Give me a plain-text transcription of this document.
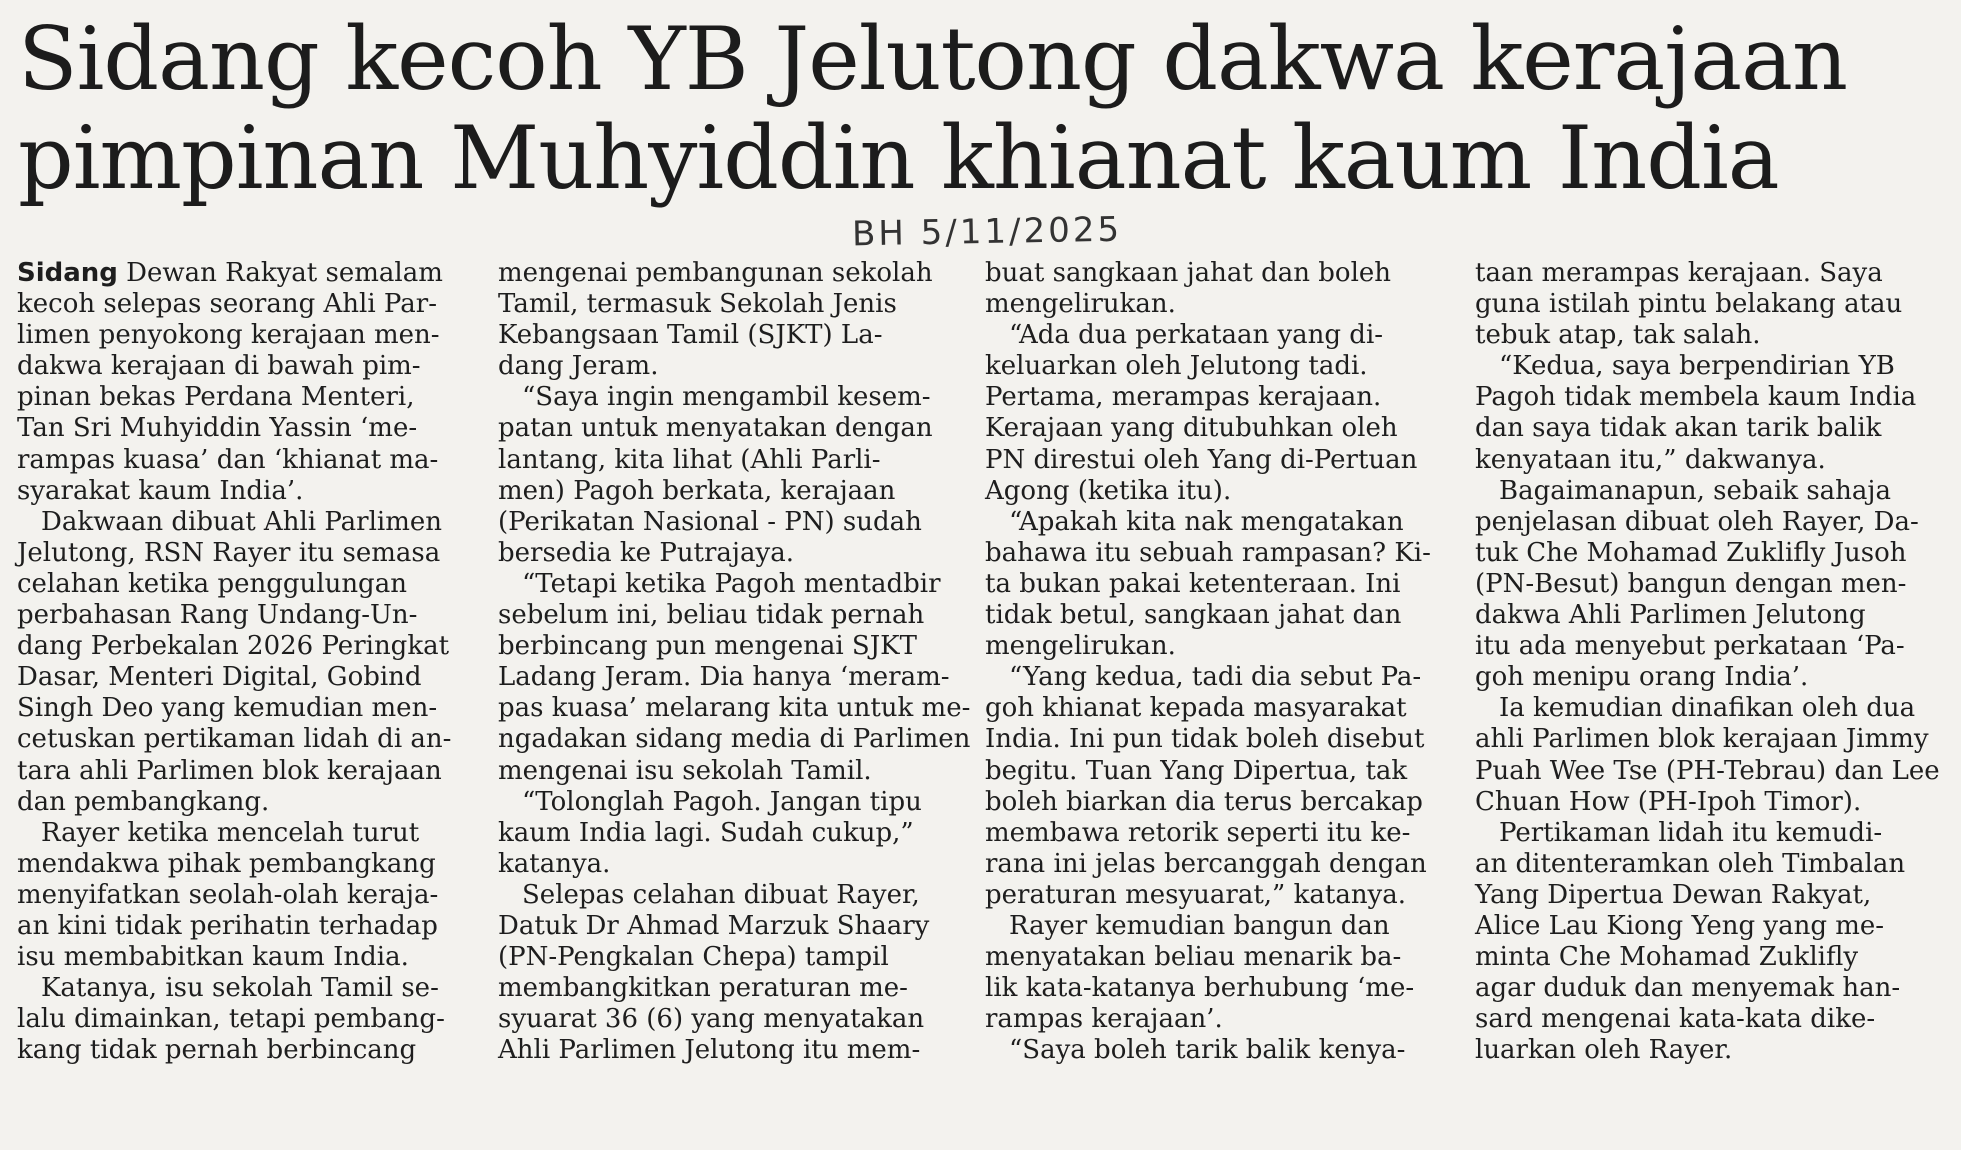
Sidang kecoh YB Jelutong dakwa kerajaan
pimpinan Muhyiddin khianat kaum India
BH 5/11/2025
Sidang Dewan Rakyat semalam
kecoh selepas seorang Ahli Par-
limen penyokong kerajaan men-
dakwa kerajaan di bawah pim-
pinan bekas Perdana Menteri,
Tan Sri Muhyiddin Yassin ‘me-
rampas kuasa’ dan ‘khianat ma-
syarakat kaum India’.
Dakwaan dibuat Ahli Parlimen
Jelutong, RSN Rayer itu semasa
celahan ketika penggulungan
perbahasan Rang Undang-Un-
dang Perbekalan 2026 Peringkat
Dasar, Menteri Digital, Gobind
Singh Deo yang kemudian men-
cetuskan pertikaman lidah di an-
tara ahli Parlimen blok kerajaan
dan pembangkang.
Rayer ketika mencelah turut
mendakwa pihak pembangkang
menyifatkan seolah-olah keraja-
an kini tidak perihatin terhadap
isu membabitkan kaum India.
Katanya, isu sekolah Tamil se-
lalu dimainkan, tetapi pembang-
kang tidak pernah berbincang
mengenai pembangunan sekolah
Tamil, termasuk Sekolah Jenis
Kebangsaan Tamil (SJKT) La-
dang Jeram.
“Saya ingin mengambil kesem-
patan untuk menyatakan dengan
lantang, kita lihat (Ahli Parli-
men) Pagoh berkata, kerajaan
(Perikatan Nasional - PN) sudah
bersedia ke Putrajaya.
“Tetapi ketika Pagoh mentadbir
sebelum ini, beliau tidak pernah
berbincang pun mengenai SJKT
Ladang Jeram. Dia hanya ‘meram-
pas kuasa’ melarang kita untuk me-
ngadakan sidang media di Parlimen
mengenai isu sekolah Tamil.
“Tolonglah Pagoh. Jangan tipu
kaum India lagi. Sudah cukup,”
katanya.
Selepas celahan dibuat Rayer,
Datuk Dr Ahmad Marzuk Shaary
(PN-Pengkalan Chepa) tampil
membangkitkan peraturan me-
syuarat 36 (6) yang menyatakan
Ahli Parlimen Jelutong itu mem-
buat sangkaan jahat dan boleh
mengelirukan.
“Ada dua perkataan yang di-
keluarkan oleh Jelutong tadi.
Pertama, merampas kerajaan.
Kerajaan yang ditubuhkan oleh
PN direstui oleh Yang di-Pertuan
Agong (ketika itu).
“Apakah kita nak mengatakan
bahawa itu sebuah rampasan? Ki-
ta bukan pakai ketenteraan. Ini
tidak betul, sangkaan jahat dan
mengelirukan.
“Yang kedua, tadi dia sebut Pa-
goh khianat kepada masyarakat
India. Ini pun tidak boleh disebut
begitu. Tuan Yang Dipertua, tak
boleh biarkan dia terus bercakap
membawa retorik seperti itu ke-
rana ini jelas bercanggah dengan
peraturan mesyuarat,” katanya.
Rayer kemudian bangun dan
menyatakan beliau menarik ba-
lik kata-katanya berhubung ‘me-
rampas kerajaan’.
“Saya boleh tarik balik kenya-
taan merampas kerajaan. Saya
guna istilah pintu belakang atau
tebuk atap, tak salah.
“Kedua, saya berpendirian YB
Pagoh tidak membela kaum India
dan saya tidak akan tarik balik
kenyataan itu,” dakwanya.
Bagaimanapun, sebaik sahaja
penjelasan dibuat oleh Rayer, Da-
tuk Che Mohamad Zuklifly Jusoh
(PN-Besut) bangun dengan men-
dakwa Ahli Parlimen Jelutong
itu ada menyebut perkataan ‘Pa-
goh menipu orang India’.
Ia kemudian dinafikan oleh dua
ahli Parlimen blok kerajaan Jimmy
Puah Wee Tse (PH-Tebrau) dan Lee
Chuan How (PH-Ipoh Timor).
Pertikaman lidah itu kemudi-
an ditenteramkan oleh Timbalan
Yang Dipertua Dewan Rakyat,
Alice Lau Kiong Yeng yang me-
minta Che Mohamad Zuklifly
agar duduk dan menyemak han-
sard mengenai kata-kata dike-
luarkan oleh Rayer.
